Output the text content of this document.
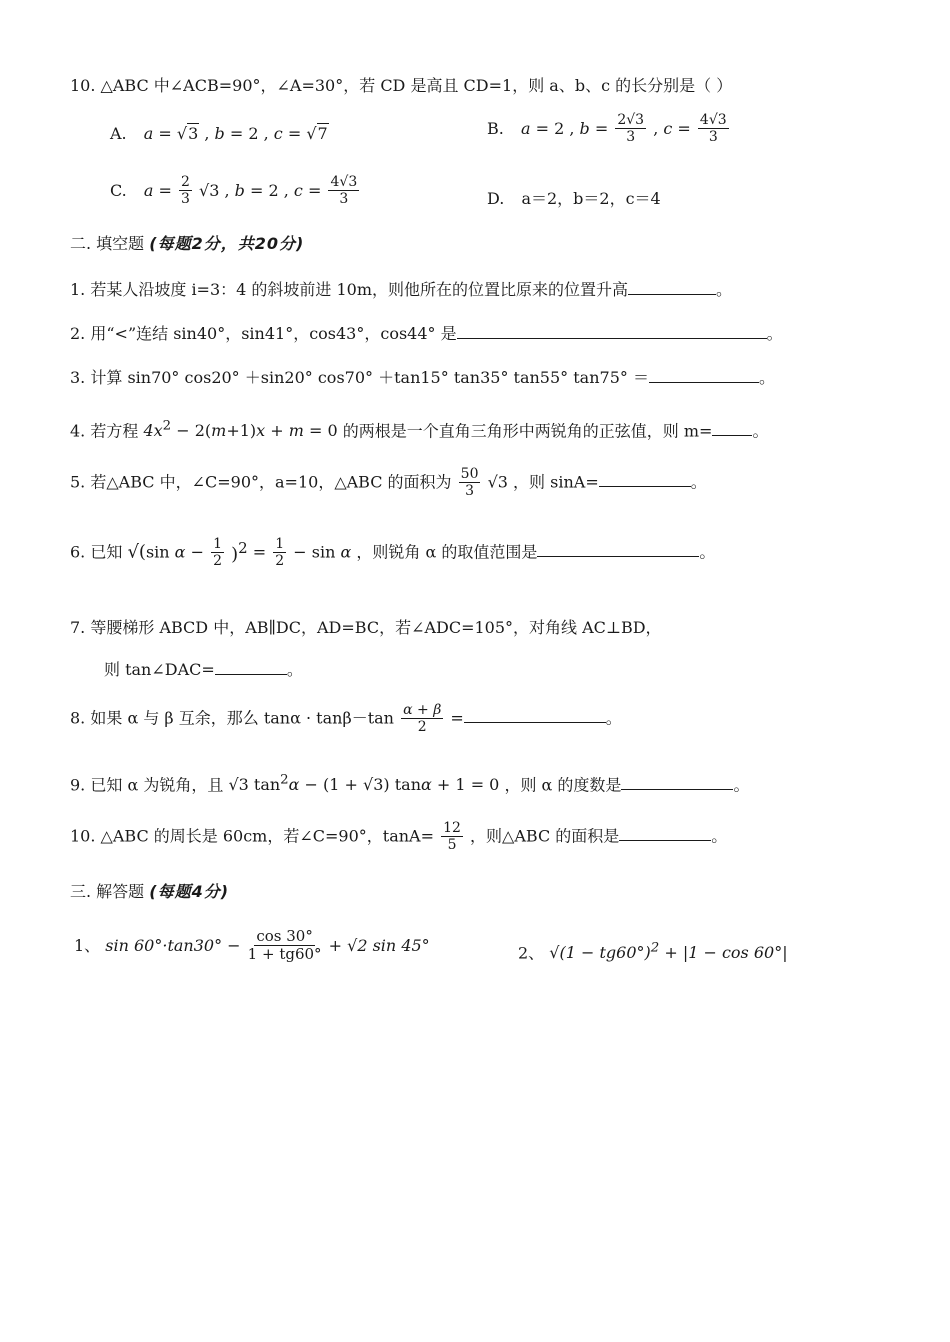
10. △ABC 中∠ACB=90°，∠A=30°，若 CD 是高且 CD=1，则 a、b、c 的长分别是（ ）
A. a = √3 , b = 2 , c = √7	B. a = 2 , $b = \frac{2√3}{3}$ , $c = \frac{4√3}{3}$
C. $a = \frac{2}{3} √3$ , b = 2 , $c = \frac{4√3}{3}$	D. a＝2，b＝2，c＝4
二. 填空题 (每题2分，共20分)
1. 若某人沿坡度 i=3：4 的斜坡前进 10m，则他所在的位置比原来的位置升高	。
2. 用“<”连结 sin40°，sin41°，cos43°，cos44° 是	。
3. 计算 sin70° cos20° ＋sin20° cos70° ＋tan15° tan35° tan55° tan75° ＝	。
4. 若方程 $4x^2 - 2(m+1)x + m = 0$ 的两根是一个直角三角形中两锐角的正弦值，则 m=	。
5. 若△ABC 中，∠C=90°，a=10，△ABC 的面积为 $\frac{50}{3} √3$ ，则 sinA=	。
6. 已知 √(sin $\alpha - \frac{1}{2} )^2 = \frac{1}{2} - \sin \alpha$ ，则锐角 α 的取值范围是	。
7. 等腰梯形 ABCD 中，AB∥DC，AD=BC，若∠ADC=105°，对角线 AC⊥BD，
则 tan∠DAC=	。
8. 如果 α 与 β 互余，那么 $\tan\alpha \cdot \tan\beta-\tan \frac{\alpha + \beta}{2}$ =	。
9. 已知 α 为锐角，且 √3 $\tan^2\alpha - (1 + √3) \tan\alpha + 1 = 0$ ，则 α 的度数是	。
10. △ABC 的周长是 60cm，若∠C=90°，$\tan A= \frac{12}{5}$ ，则△ABC 的面积是	。
三. 解答题 (每题4分)
1、 $\sin 60^\circ\cdot\tan 30^\circ - \frac{\cos 30^\circ}{1 + tg60^\circ} + √2$ sin 45°	2、 $√(1 - tg60^\circ)^2 + |1 - \cos 60^\circ|$
